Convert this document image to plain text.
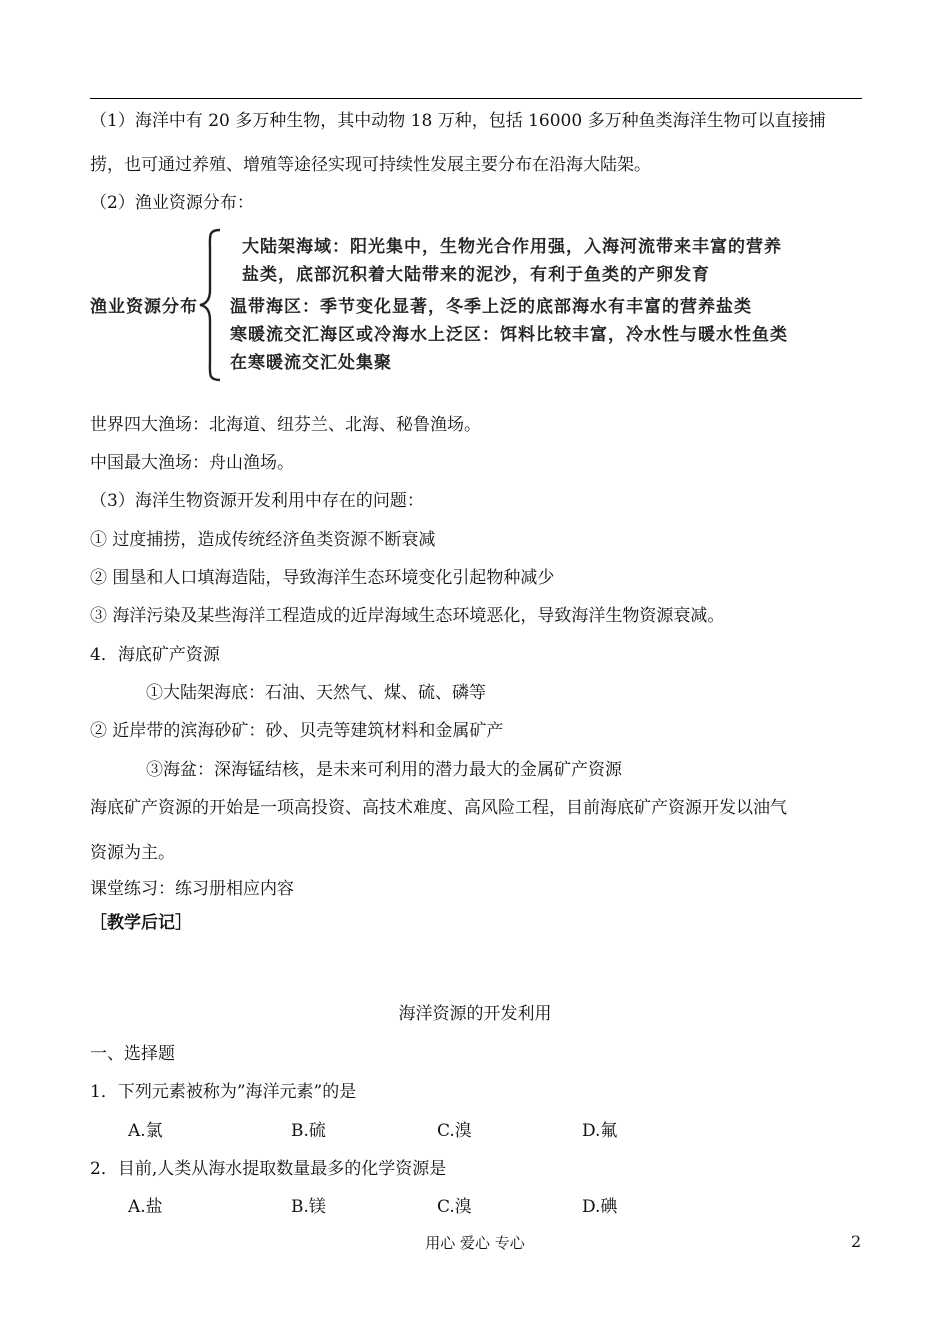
（1）海洋中有 20 多万种生物，其中动物 18 万种，包括 16000 多万种鱼类海洋生物可以直接捕
捞，也可通过养殖、增殖等途径实现可持续性发展主要分布在沿海大陆架。
（2）渔业资源分布：
渔业资源分布
大陆架海域：阳光集中，生物光合作用强，入海河流带来丰富的营养
盐类，底部沉积着大陆带来的泥沙，有利于鱼类的产卵发育
温带海区：季节变化显著，冬季上泛的底部海水有丰富的营养盐类
寒暖流交汇海区或冷海水上泛区：饵料比较丰富，冷水性与暖水性鱼类
在寒暖流交汇处集聚
世界四大渔场：北海道、纽芬兰、北海、秘鲁渔场。
中国最大渔场：舟山渔场。
（3）海洋生物资源开发利用中存在的问题：
① 过度捕捞，造成传统经济鱼类资源不断衰减
② 围垦和人口填海造陆，导致海洋生态环境变化引起物种减少
③ 海洋污染及某些海洋工程造成的近岸海域生态环境恶化，导致海洋生物资源衰减。
4．海底矿产资源
①大陆架海底：石油、天然气、煤、硫、磷等
② 近岸带的滨海砂矿：砂、贝壳等建筑材料和金属矿产
③海盆：深海锰结核，是未来可利用的潜力最大的金属矿产资源
海底矿产资源的开始是一项高投资、高技术难度、高风险工程，目前海底矿产资源开发以油气
资源为主。
课堂练习：练习册相应内容
［教学后记］
海洋资源的开发利用
一、选择题
1．下列元素被称为”海洋元素”的是
A.氯	B.硫	C.溴	D.氟
2．目前,人类从海水提取数量最多的化学资源是
A.盐	B.镁	C.溴	D.碘
用心 爱心 专心	2
